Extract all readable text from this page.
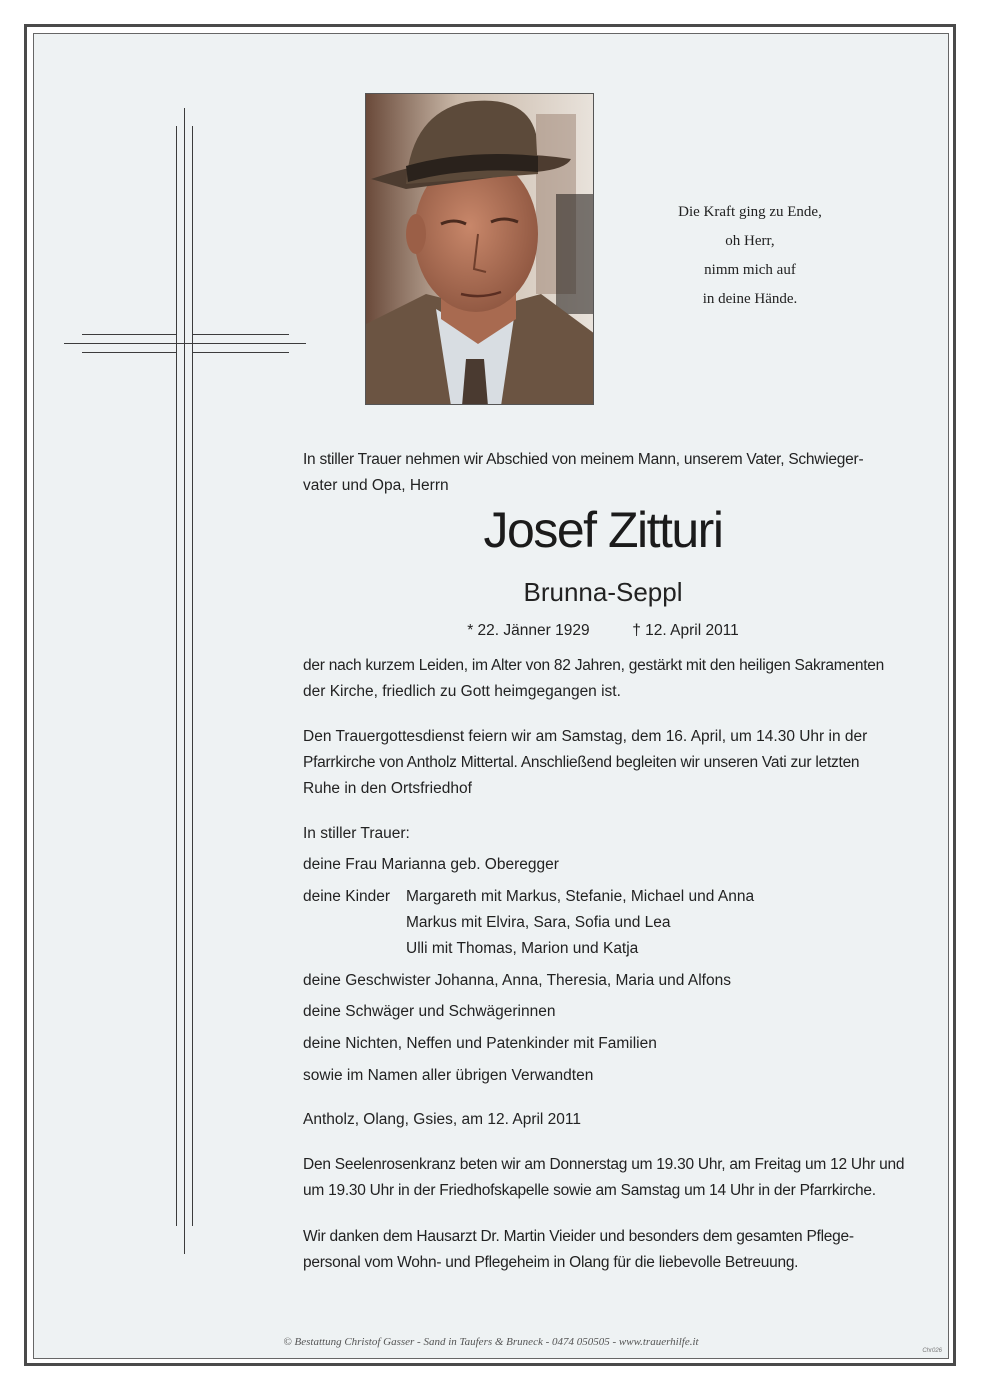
Die Kraft ging zu Ende,
oh Herr,
nimm mich auf
in deine Hände.
In stiller Trauer nehmen wir Abschied von meinem Mann, unserem Vater, Schwieger-
vater und Opa, Herrn
Josef Zitturi
Brunna-Seppl
* 22. Jänner 1929	† 12. April 2011
der nach kurzem Leiden, im Alter von 82 Jahren, gestärkt mit den heiligen Sakramenten
der Kirche, friedlich zu Gott heimgegangen ist.
Den Trauergottesdienst feiern wir am Samstag, dem 16. April, um 14.30 Uhr in der
Pfarrkirche von Antholz Mittertal. Anschließend begleiten wir unseren Vati zur letzten
Ruhe in den Ortsfriedhof
In stiller Trauer:
deine Frau Marianna geb. Oberegger
deine Kinder Margareth mit Markus, Stefanie, Michael und Anna
Markus mit Elvira, Sara, Sofia und Lea
Ulli mit Thomas, Marion und Katja
deine Geschwister Johanna, Anna, Theresia, Maria und Alfons
deine Schwäger und Schwägerinnen
deine Nichten, Neffen und Patenkinder mit Familien
sowie im Namen aller übrigen Verwandten
Antholz, Olang, Gsies, am 12. April 2011
Den Seelenrosenkranz beten wir am Donnerstag um 19.30 Uhr, am Freitag um 12 Uhr und
um 19.30 Uhr in der Friedhofskapelle sowie am Samstag um 14 Uhr in der Pfarrkirche.
Wir danken dem Hausarzt Dr. Martin Vieider und besonders dem gesamten Pflege-
personal vom Wohn- und Pflegeheim in Olang für die liebevolle Betreuung.
© Bestattung Christof Gasser - Sand in Taufers & Bruneck - 0474 050505 - www.trauerhilfe.it
Chr026
